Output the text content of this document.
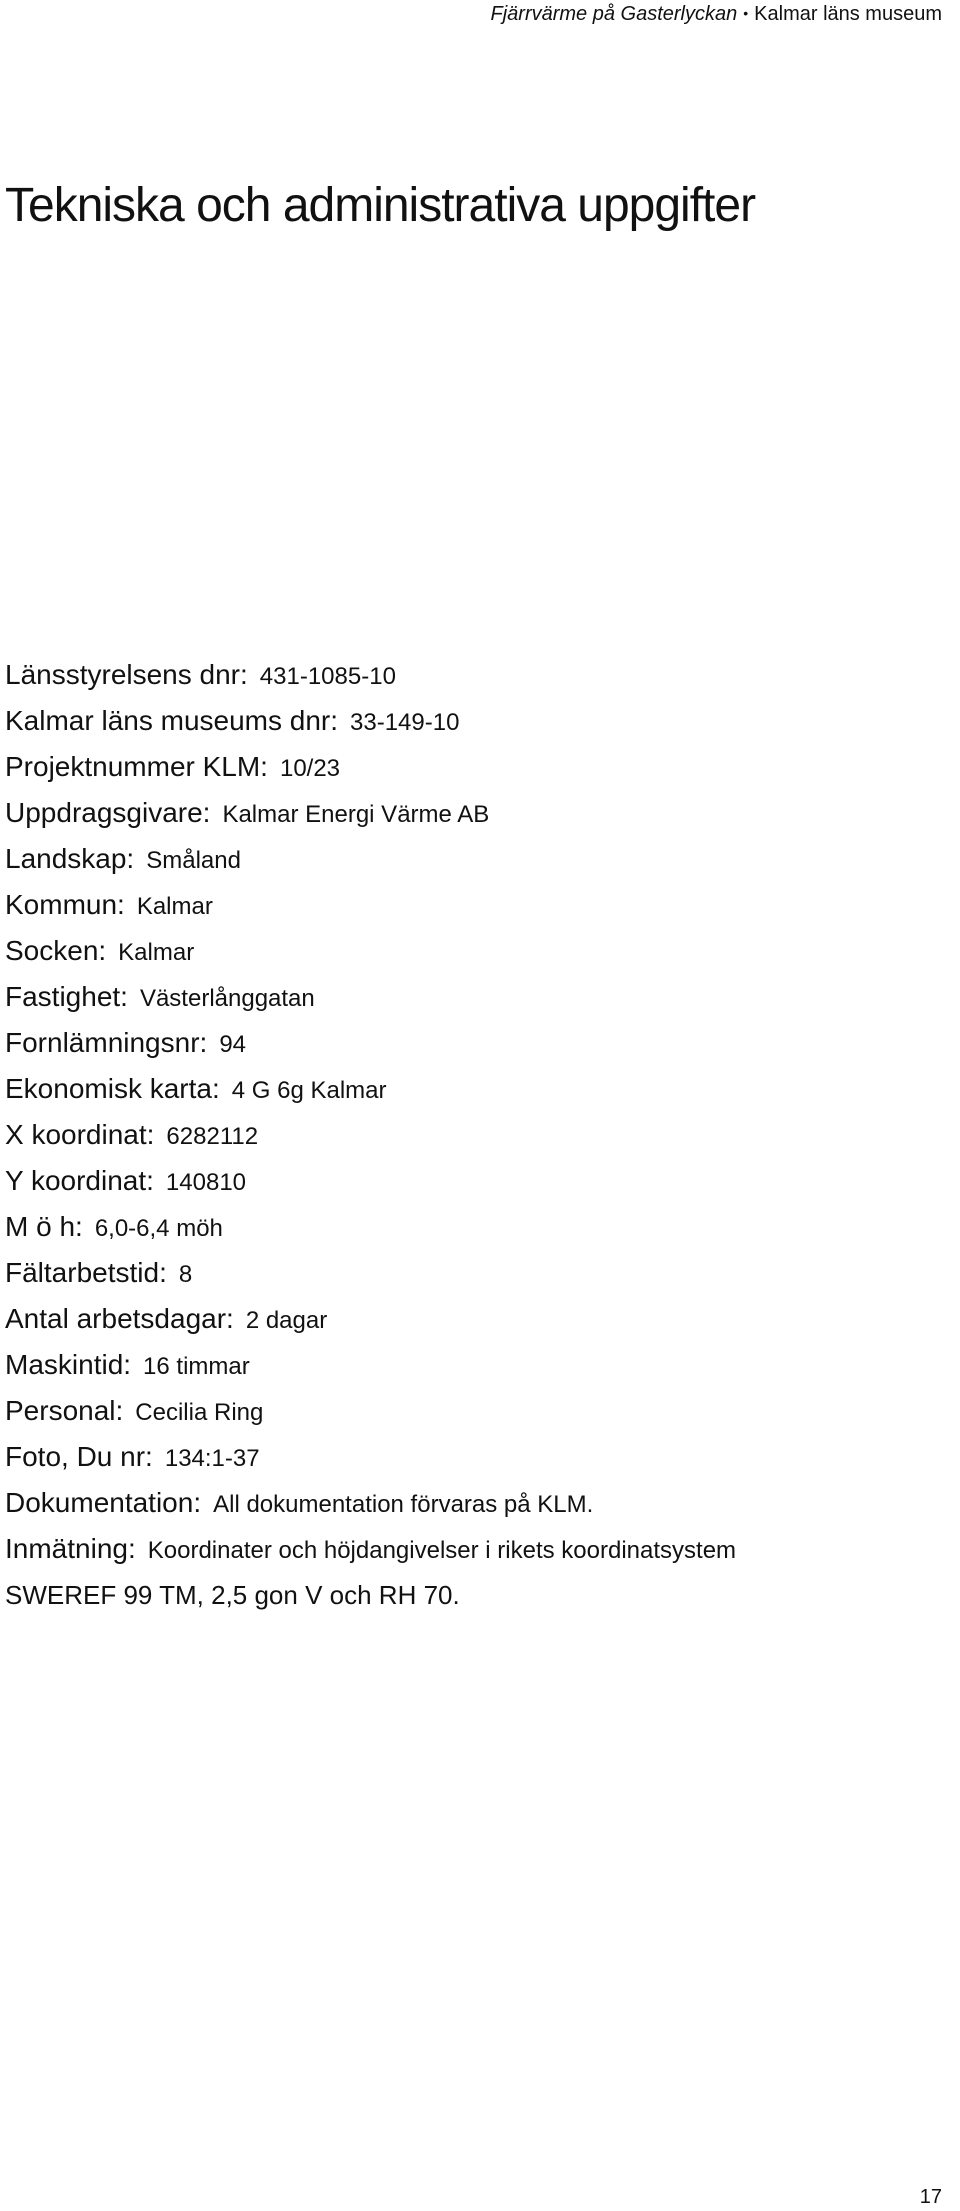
Fjärrvärme på Gasterlyckan • Kalmar läns museum
Tekniska och administrativa uppgifter
Länsstyrelsens dnr: 431-1085-10
Kalmar läns museums dnr: 33-149-10
Projektnummer KLM: 10/23
Uppdragsgivare: Kalmar Energi Värme AB
Landskap: Småland
Kommun: Kalmar
Socken: Kalmar
Fastighet: Västerlånggatan
Fornlämningsnr: 94
Ekonomisk karta: 4 G 6g Kalmar
X koordinat: 6282112
Y koordinat: 140810
M ö h: 6,0-6,4 möh
Fältarbetstid: 8
Antal arbetsdagar: 2 dagar
Maskintid: 16 timmar
Personal: Cecilia Ring
Foto, Du nr: 134:1-37
Dokumentation: All dokumentation förvaras på KLM.
Inmätning: Koordinater och höjdangivelser i rikets koordinatsystem
SWEREF 99 TM, 2,5 gon V och RH 70.
17
